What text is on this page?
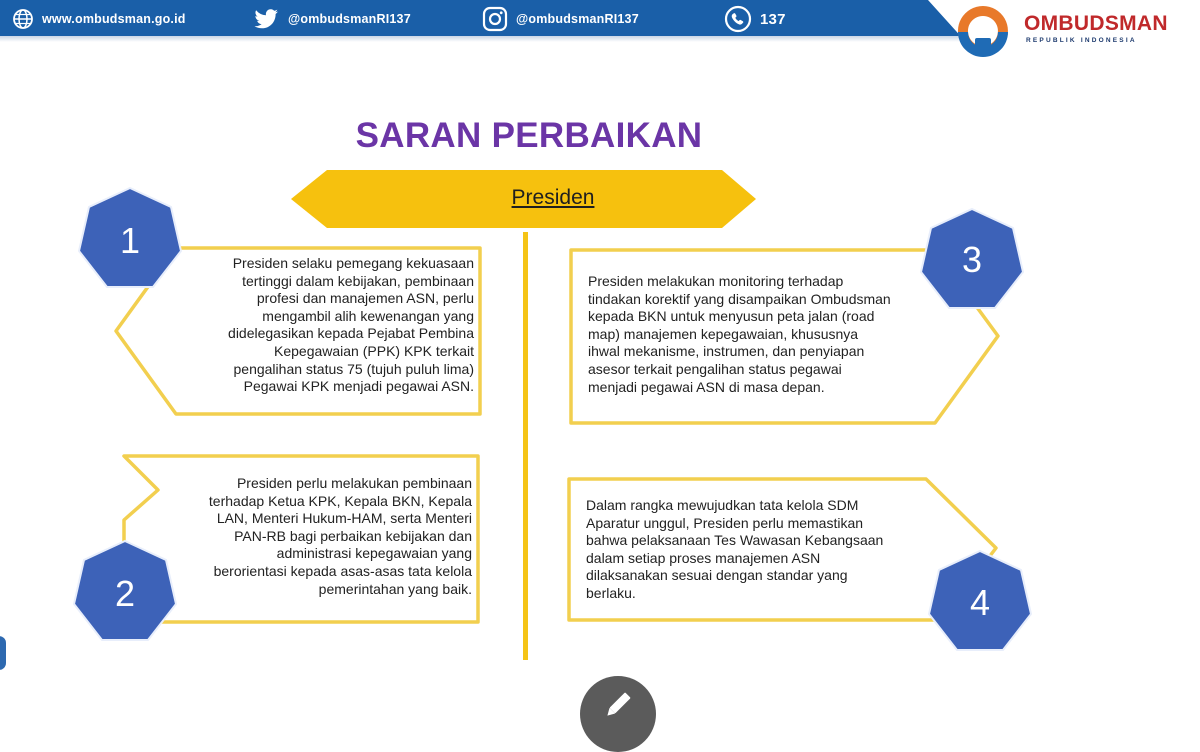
www.ombudsman.go.id	@ombudsmanRI137	@ombudsmanRI137	137	OMBUDSMAN
REPUBLIK INDONESIA
SARAN PERBAIKAN
Presiden
1
2
3
4
Presiden selaku pemegang kekuasaan
tertinggi dalam kebijakan, pembinaan
profesi dan manajemen ASN, perlu
mengambil alih kewenangan yang
didelegasikan kepada Pejabat Pembina
Kepegawaian (PPK) KPK terkait
pengalihan status 75 (tujuh puluh lima)
Pegawai KPK menjadi pegawai ASN.
Presiden perlu melakukan pembinaan
terhadap Ketua KPK, Kepala BKN, Kepala
LAN, Menteri Hukum-HAM, serta Menteri
PAN-RB bagi perbaikan kebijakan dan
administrasi kepegawaian yang
berorientasi kepada asas-asas tata kelola
pemerintahan yang baik.
Presiden melakukan monitoring terhadap
tindakan korektif yang disampaikan Ombudsman
kepada BKN untuk menyusun peta jalan (road
map) manajemen kepegawaian, khususnya
ihwal mekanisme, instrumen, dan penyiapan
asesor terkait pengalihan status pegawai
menjadi pegawai ASN di masa depan.
Dalam rangka mewujudkan tata kelola SDM
Aparatur unggul, Presiden perlu memastikan
bahwa pelaksanaan Tes Wawasan Kebangsaan
dalam setiap proses manajemen ASN
dilaksanakan sesuai dengan standar yang
berlaku.
